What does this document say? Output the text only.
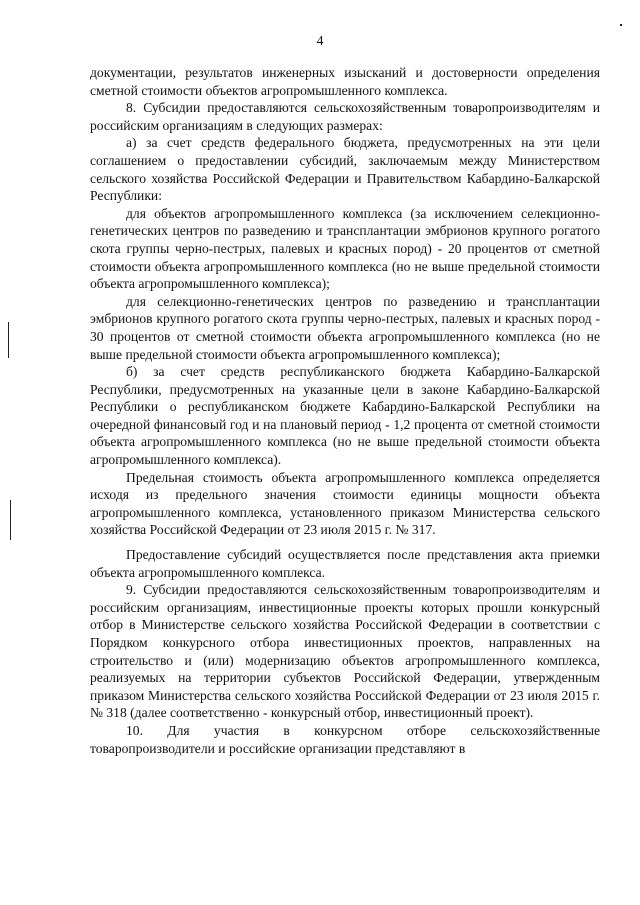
4

документации, результатов инженерных изысканий и достоверности определения сметной стоимости объектов агропромышленного комплекса.

8. Субсидии предоставляются сельскохозяйственным товаропроизводителям и российским организациям в следующих размерах:

а) за счет средств федерального бюджета, предусмотренных на эти цели соглашением о предоставлении субсидий, заключаемым между Министерством сельского хозяйства Российской Федерации и Правительством Кабардино-Балкарской Республики:

для объектов агропромышленного комплекса (за исключением селекционно-генетических центров по разведению и трансплантации эмбрионов крупного рогатого скота группы черно-пестрых, палевых и красных пород) - 20 процентов от сметной стоимости объекта агропромышленного комплекса (но не выше предельной стоимости объекта агропромышленного комплекса);

для селекционно-генетических центров по разведению и трансплантации эмбрионов крупного рогатого скота группы черно-пестрых, палевых и красных пород - 30 процентов от сметной стоимости объекта агропромышленного комплекса (но не выше предельной стоимости объекта агропромышленного комплекса);

б) за счет средств республиканского бюджета Кабардино-Балкарской Республики, предусмотренных на указанные цели в законе Кабардино-Балкарской Республики о республиканском бюджете Кабардино-Балкарской Республики на очередной финансовый год и на плановый период - 1,2 процента от сметной стоимости объекта агропромышленного комплекса (но не выше предельной стоимости объекта агропромышленного комплекса).

Предельная стоимость объекта агропромышленного комплекса определяется исходя из предельного значения стоимости единицы мощности объекта агропромышленного комплекса, установленного приказом Министерства сельского хозяйства Российской Федерации от 23 июля 2015 г. № 317.

Предоставление субсидий осуществляется после представления акта приемки объекта агропромышленного комплекса.

9. Субсидии предоставляются сельскохозяйственным товаропроизводителям и российским организациям, инвестиционные проекты которых прошли конкурсный отбор в Министерстве сельского хозяйства Российской Федерации в соответствии с Порядком конкурсного отбора инвестиционных проектов, направленных на строительство и (или) модернизацию объектов агропромышленного комплекса, реализуемых на территории субъектов Российской Федерации, утвержденным приказом Министерства сельского хозяйства Российской Федерации от 23 июля 2015 г. № 318 (далее соответственно - конкурсный отбор, инвестиционный проект).

10. Для участия в конкурсном отборе сельскохозяйственные товаропроизводители и российские организации представляют в
